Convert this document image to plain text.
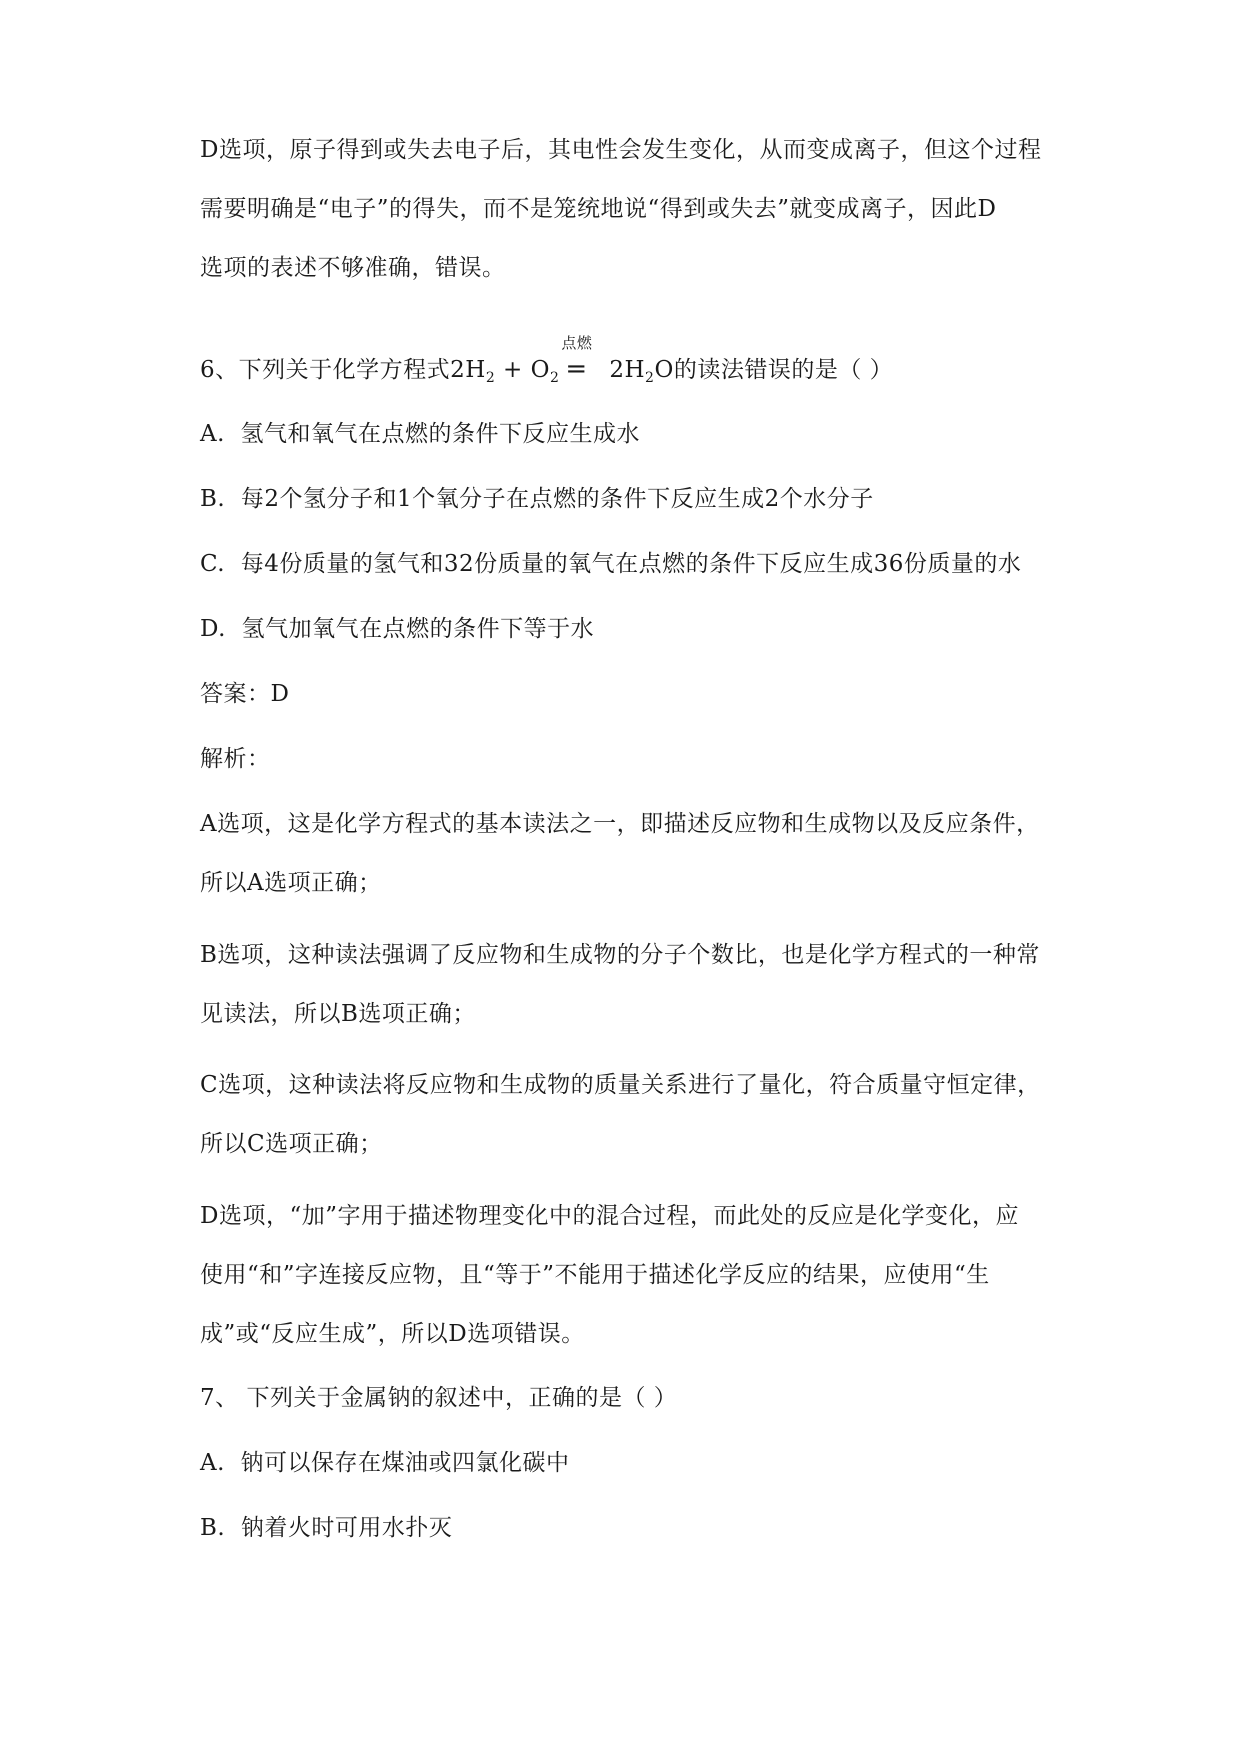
D选项，原子得到或失去电子后，其电性会发生变化，从而变成离子，但这个过程
需要明确是“电子”的得失，而不是笼统地说“得到或失去”就变成离子，因此D
选项的表述不够准确，错误。
6、下列关于化学方程式$2H_2 + O_2$
点燃
= $2H_2O$的读法错误的是（ ）
A. 氢气和氧气在点燃的条件下反应生成水
B. 每2个氢分子和1个氧分子在点燃的条件下反应生成2个水分子
C. 每4份质量的氢气和32份质量的氧气在点燃的条件下反应生成36份质量的水
D. 氢气加氧气在点燃的条件下等于水
答案：D
解析：
A选项，这是化学方程式的基本读法之一，即描述反应物和生成物以及反应条件，
所以A选项正确；
B选项，这种读法强调了反应物和生成物的分子个数比，也是化学方程式的一种常
见读法，所以B选项正确；
C选项，这种读法将反应物和生成物的质量关系进行了量化，符合质量守恒定律，
所以C选项正确；
D选项，“加”字用于描述物理变化中的混合过程，而此处的反应是化学变化，应
使用“和”字连接反应物，且“等于”不能用于描述化学反应的结果，应使用“生
成”或“反应生成”，所以D选项错误。
7、 下列关于金属钠的叙述中，正确的是（ ）
A. 钠可以保存在煤油或四氯化碳中
B. 钠着火时可用水扑灭
